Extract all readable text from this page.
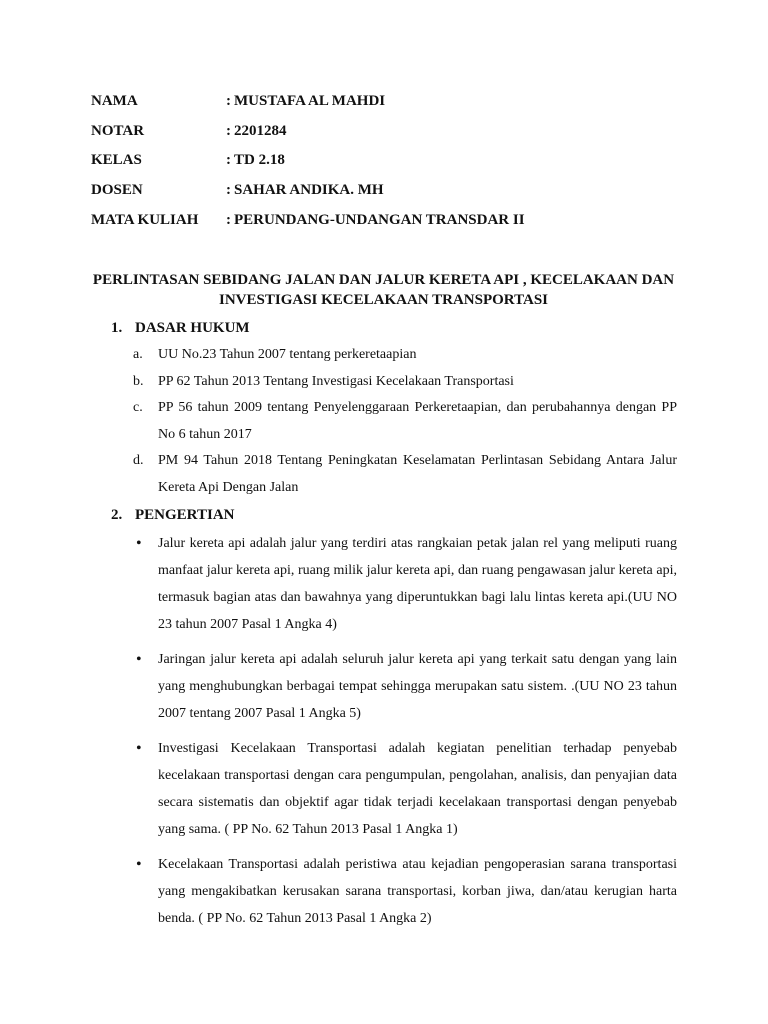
NAMA	: MUSTAFA AL MAHDI
NOTAR	: 2201284
KELAS	: TD 2.18
DOSEN	: SAHAR ANDIKA. MH
MATA KULIAH	: PERUNDANG-UNDANGAN TRANSDAR II
PERLINTASAN SEBIDANG JALAN DAN JALUR KERETA API , KECELAKAAN DAN
INVESTIGASI KECELAKAAN TRANSPORTASI
1. DASAR HUKUM
a.	UU No.23 Tahun 2007 tentang perkeretaapian
b.	PP 62 Tahun 2013 Tentang Investigasi Kecelakaan Transportasi
c.	PP 56 tahun 2009 tentang Penyelenggaraan Perkeretaapian, dan perubahannya dengan PP No 6 tahun 2017
d.	PM 94 Tahun 2018 Tentang Peningkatan Keselamatan Perlintasan Sebidang Antara Jalur Kereta Api Dengan Jalan
2. PENGERTIAN
•	Jalur kereta api adalah jalur yang terdiri atas rangkaian petak jalan rel yang meliputi ruang manfaat jalur kereta api, ruang milik jalur kereta api, dan ruang pengawasan jalur kereta api, termasuk bagian atas dan bawahnya yang diperuntukkan bagi lalu lintas kereta api.(UU NO 23 tahun 2007 Pasal 1 Angka 4)
•	Jaringan jalur kereta api adalah seluruh jalur kereta api yang terkait satu dengan yang lain yang menghubungkan berbagai tempat sehingga merupakan satu sistem. .(UU NO 23 tahun 2007 tentang 2007 Pasal 1 Angka 5)
•	Investigasi Kecelakaan Transportasi adalah kegiatan penelitian terhadap penyebab kecelakaan transportasi dengan cara pengumpulan, pengolahan, analisis, dan penyajian data secara sistematis dan objektif agar tidak terjadi kecelakaan transportasi dengan penyebab yang sama. ( PP No. 62 Tahun 2013 Pasal 1 Angka 1)
•	Kecelakaan Transportasi adalah peristiwa atau kejadian pengoperasian sarana transportasi yang mengakibatkan kerusakan sarana transportasi, korban jiwa, dan/atau kerugian harta benda. ( PP No. 62 Tahun 2013 Pasal 1 Angka 2)
